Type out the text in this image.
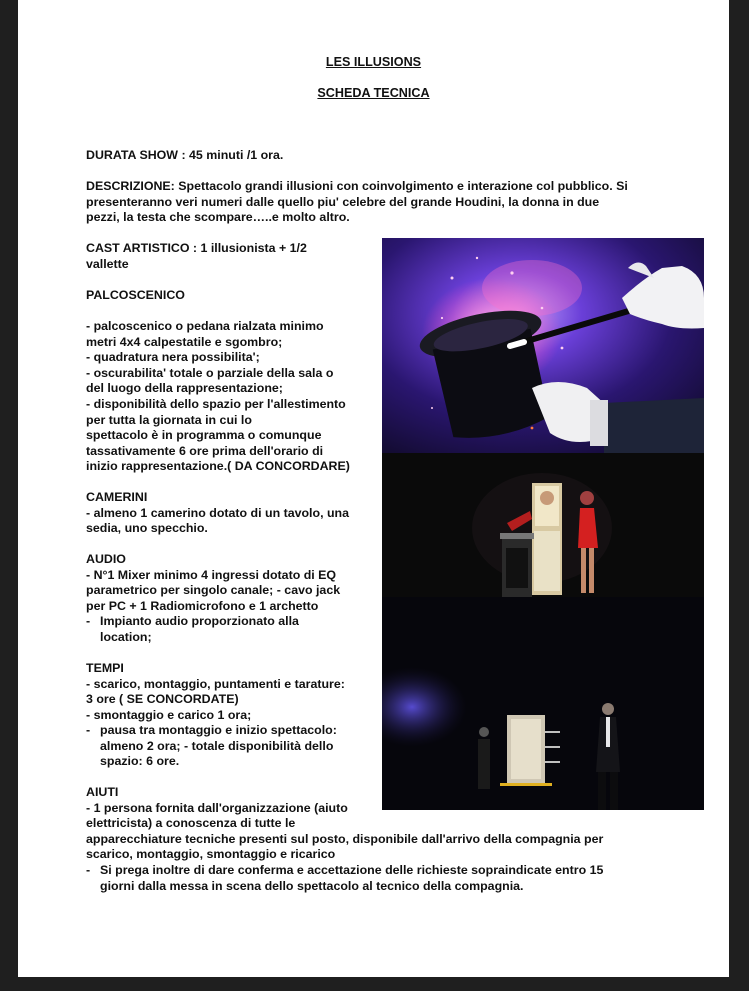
LES ILLUSIONS
SCHEDA TECNICA
DURATA SHOW : 45 minuti /1 ora.
DESCRIZIONE: Spettacolo grandi illusioni con coinvolgimento e interazione col pubblico. Si
presenteranno veri numeri dalle quello piu' celebre del grande Houdini, la donna in due
pezzi, la testa che scompare…..e molto altro.
CAST ARTISTICO : 1 illusionista + 1/2
vallette
PALCOSCENICO
- palcoscenico o pedana rialzata minimo
metri 4x4 calpestatile e sgombro;
- quadratura nera possibilita';
- oscurabilita' totale o parziale della sala o
del luogo della rappresentazione;
- disponibilità dello spazio per l'allestimento
per tutta la giornata in cui lo
spettacolo è in programma o comunque
tassativamente 6 ore prima dell'orario di
inizio rappresentazione.( DA CONCORDARE)
CAMERINI
- almeno 1 camerino dotato di un tavolo, una
sedia, uno specchio.
AUDIO
- N°1 Mixer minimo 4 ingressi dotato di EQ
parametrico per singolo canale; - cavo jack
per PC + 1 Radiomicrofono e 1 archetto
- Impianto audio proporzionato alla
location;
TEMPI
- scarico, montaggio, puntamenti e tarature:
3 ore ( SE CONCORDATE)
- smontaggio e carico 1 ora;
- pausa tra montaggio e inizio spettacolo:
almeno 2 ora; - totale disponibilità dello
spazio: 6 ore.
AIUTI
- 1 persona fornita dall'organizzazione (aiuto
elettricista) a conoscenza di tutte le
apparecchiature tecniche presenti sul posto, disponibile dall'arrivo della compagnia per
scarico, montaggio, smontaggio e ricarico
- Si prega inoltre di dare conferma e accettazione delle richieste sopraindicate entro 15
giorni dalla messa in scena dello spettacolo al tecnico della compagnia.
